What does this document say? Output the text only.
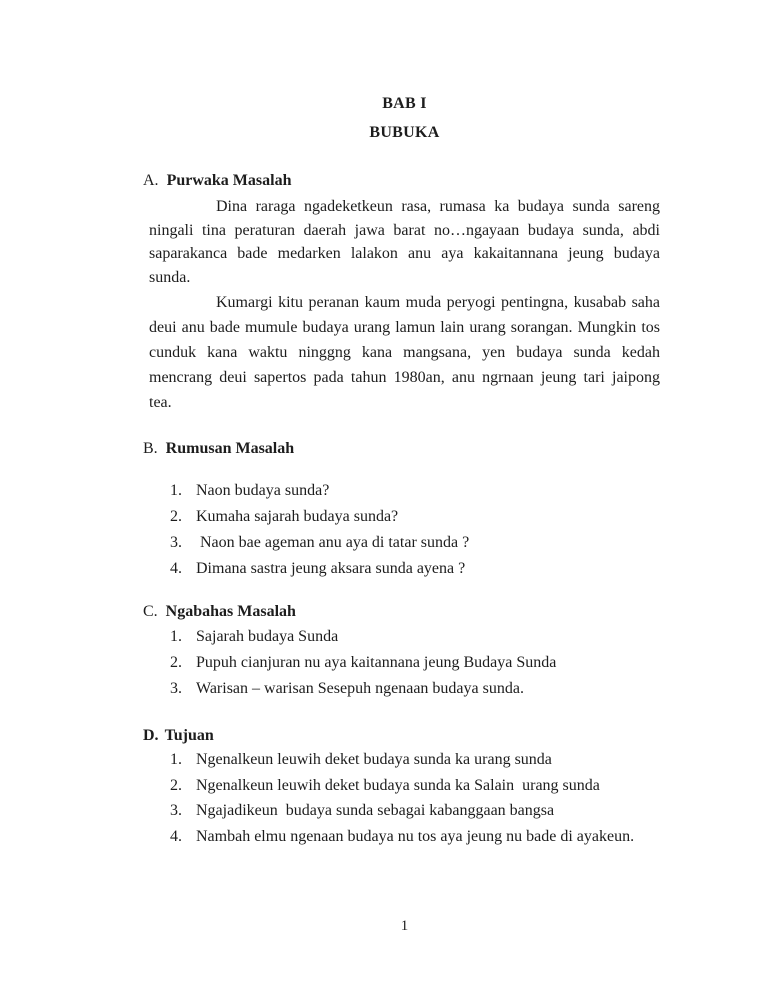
BAB I
BUBUKA
A. Purwaka Masalah
Dina raraga ngadeketkeun rasa, rumasa ka budaya sunda sareng
ningali tina peraturan daerah jawa barat no…ngayaan budaya sunda, abdi
saparakanca bade medarken lalakon anu aya kakaitannana jeung budaya
sunda.
Kumargi kitu peranan kaum muda peryogi pentingna, kusabab saha
deui anu bade mumule budaya urang lamun lain urang sorangan. Mungkin tos
cunduk kana waktu ninggng kana mangsana, yen budaya sunda kedah
mencrang deui sapertos pada tahun 1980an, anu ngrnaan jeung tari jaipong
tea.
B. Rumusan Masalah
1. Naon budaya sunda?
2. Kumaha sajarah budaya sunda?
3. Naon bae ageman anu aya di tatar sunda ?
4. Dimana sastra jeung aksara sunda ayena ?
C. Ngabahas Masalah
1. Sajarah budaya Sunda
2. Pupuh cianjuran nu aya kaitannana jeung Budaya Sunda
3. Warisan – warisan Sesepuh ngenaan budaya sunda.
D. Tujuan
1. Ngenalkeun leuwih deket budaya sunda ka urang sunda
2. Ngenalkeun leuwih deket budaya sunda ka Salain  urang sunda
3. Ngajadikeun  budaya sunda sebagai kabanggaan bangsa
4. Nambah elmu ngenaan budaya nu tos aya jeung nu bade di ayakeun.
1
